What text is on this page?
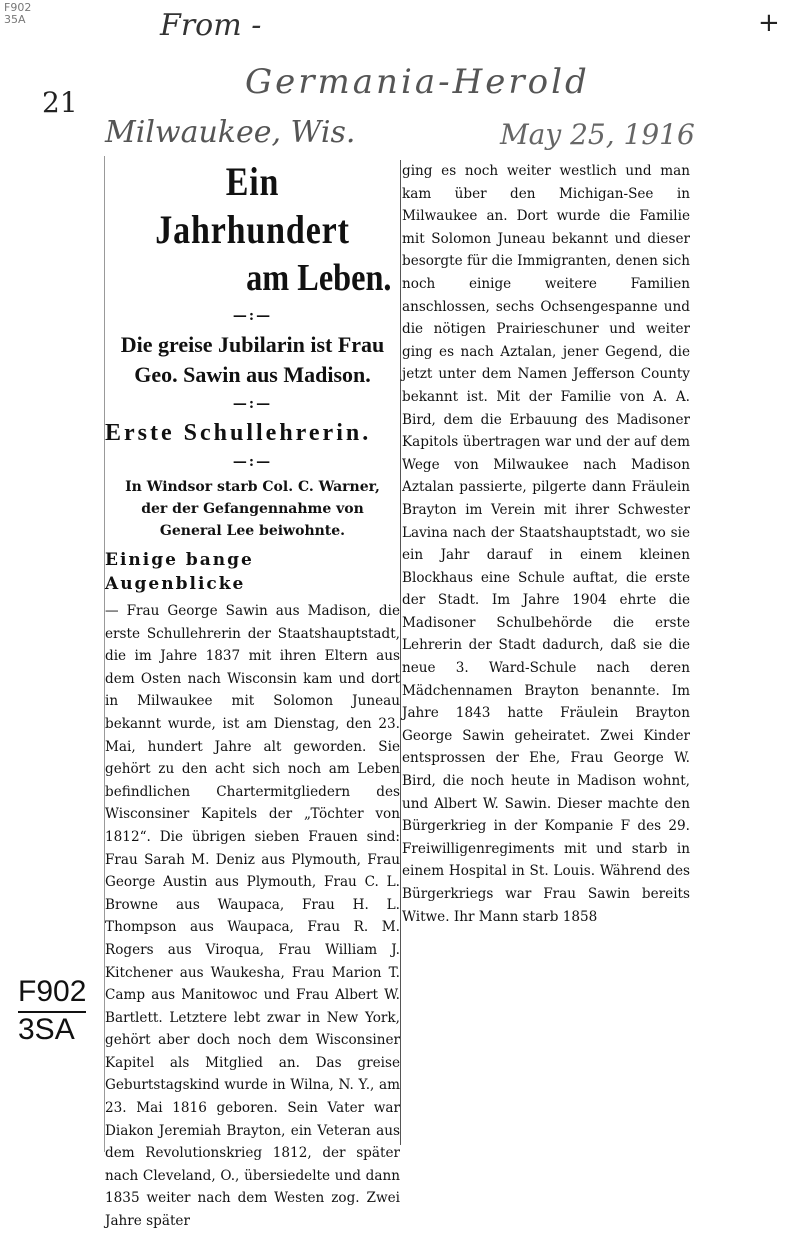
F902
35A	From -	+
Germania-Herold
21
Milwaukee, Wis.	May 25, 1916
Ein Jahrhundert
am Leben.
—:—
Die greise Jubilarin ist Frau Geo. Sawin aus Madison.
—:—
Erste Schullehrerin.
—:—
In Windsor starb Col. C. Warner, der der Gefangennahme von General Lee beiwohnte.
Einige bange Augenblicke
— Frau George Sawin aus Madison, die erste Schullehrerin der Staatshauptstadt, die im Jahre 1837 mit ihren Eltern aus dem Osten nach Wisconsin kam und dort in Milwaukee mit Solomon Juneau bekannt wurde, ist am Dienstag, den 23. Mai, hundert Jahre alt geworden. Sie gehört zu den acht sich noch am Leben befindlichen Chartermitgliedern des Wisconsiner Kapitels der „Töchter von 1812“. Die übrigen sieben Frauen sind: Frau Sarah M. Deniz aus Plymouth, Frau George Austin aus Plymouth, Frau C. L. Browne aus Waupaca, Frau H. L. Thompson aus Waupaca, Frau R. M. Rogers aus Viroqua, Frau William J. Kitchener aus Waukesha, Frau Marion T. Camp aus Manitowoc und Frau Albert W. Bartlett. Letztere lebt zwar in New York, gehört aber doch noch dem Wisconsiner Kapitel als Mitglied an. Das greise Geburtstagskind wurde in Wilna, N. Y., am 23. Mai 1816 geboren. Sein Vater war Diakon Jeremiah Brayton, ein Veteran aus dem Revolutionskrieg 1812, der später nach Cleveland, O., übersiedelte und dann 1835 weiter nach dem Westen zog. Zwei Jahre später
ging es noch weiter westlich und man kam über den Michigan-See in Milwaukee an. Dort wurde die Familie mit Solomon Juneau bekannt und dieser besorgte für die Immigranten, denen sich noch einige weitere Familien anschlossen, sechs Ochsengespanne und die nötigen Prairieschuner und weiter ging es nach Aztalan, jener Gegend, die jetzt unter dem Namen Jefferson County bekannt ist. Mit der Familie von A. A. Bird, dem die Erbauung des Madisoner Kapitols übertragen war und der auf dem Wege von Milwaukee nach Madison Aztalan passierte, pilgerte dann Fräulein Brayton im Verein mit ihrer Schwester Lavina nach der Staatshauptstadt, wo sie ein Jahr darauf in einem kleinen Blockhaus eine Schule auftat, die erste der Stadt. Im Jahre 1904 ehrte die Madisoner Schulbehörde die erste Lehrerin der Stadt dadurch, daß sie die neue 3. Ward-Schule nach deren Mädchennamen Brayton benannte. Im Jahre 1843 hatte Fräulein Brayton George Sawin geheiratet. Zwei Kinder entsprossen der Ehe, Frau George W. Bird, die noch heute in Madison wohnt, und Albert W. Sawin. Dieser machte den Bürgerkrieg in der Kompanie F des 29. Freiwilligenregiments mit und starb in einem Hospital in St. Louis. Während des Bürgerkriegs war Frau Sawin bereits Witwe. Ihr Mann starb 1858
F902
3SA
